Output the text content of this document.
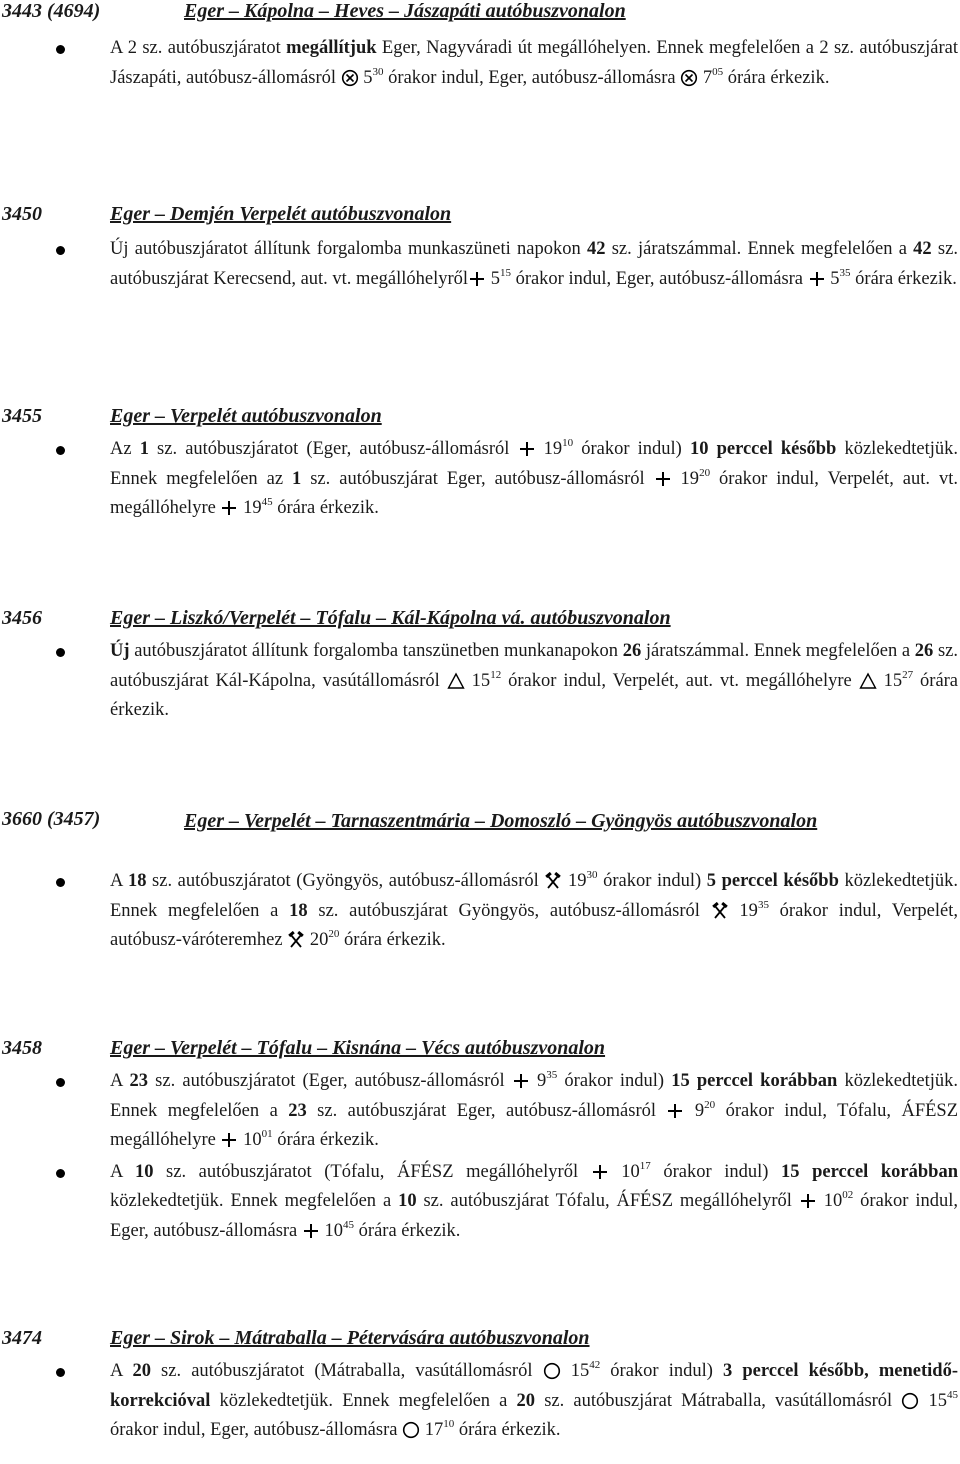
3443 (4694)	Eger – Kápolna – Heves – Jászapáti autóbuszvonalon
A 2 sz. autóbuszjáratot megállítjuk Eger, Nagyváradi út megállóhelyen. Ennek megfelelően a 2 sz. autóbuszjárat Jászapáti, autóbusz-állomásról
$5^{30}$ órakor indul, Eger, autóbusz-állomásra
$7^{05}$ órára érkezik.
3450	Eger – Demjén Verpelét autóbuszvonalon
Új autóbuszjáratot állítunk forgalomba munkaszüneti napokon 42 sz. járatszámmal. Ennek megfelelően a 42 sz. autóbuszjárat Kerecsend, aut. vt. megállóhelyről
$5^{15}$ órakor indul, Eger, autóbusz-állomásra
$5^{35}$ órára érkezik.
3455	Eger – Verpelét autóbuszvonalon
Az 1 sz. autóbuszjáratot (Eger, autóbusz-állomásról
$19^{10}$ órakor indul) 10 perccel később közlekedtetjük. Ennek megfelelően az 1 sz. autóbuszjárat Eger, autóbusz-állomásról
$19^{20}$ órakor indul, Verpelét, aut. vt. megállóhelyre
$19^{45}$ órára érkezik.
3456	Eger – Liszkó/Verpelét – Tófalu – Kál-Kápolna vá. autóbuszvonalon
Új autóbuszjáratot állítunk forgalomba tanszünetben munkanapokon 26 járatszámmal. Ennek megfelelően a 26 sz. autóbuszjárat Kál-Kápolna, vasútállomásról
$15^{12}$ órakor indul, Verpelét, aut. vt. megállóhelyre
$15^{27}$ órára érkezik.
3660 (3457)	Eger – Verpelét – Tarnaszentmária – Domoszló – Gyöngyös autóbuszvonalon
A 18 sz. autóbuszjáratot (Gyöngyös, autóbusz-állomásról
$19^{30}$ órakor indul) 5 perccel később közlekedtetjük. Ennek megfelelően a 18 sz. autóbuszjárat Gyöngyös, autóbusz-állomásról
$19^{35}$ órakor indul, Verpelét, autóbusz-váróteremhez
$20^{20}$ órára érkezik.
3458	Eger – Verpelét – Tófalu – Kisnána – Vécs autóbuszvonalon
A 23 sz. autóbuszjáratot (Eger, autóbusz-állomásról
$9^{35}$ órakor indul) 15 perccel korábban közlekedtetjük. Ennek megfelelően a 23 sz. autóbuszjárat Eger, autóbusz-állomásról
$9^{20}$ órakor indul, Tófalu, ÁFÉSZ megállóhelyre
$10^{01}$ órára érkezik.
A 10 sz. autóbuszjáratot (Tófalu, ÁFÉSZ megállóhelyről
$10^{17}$ órakor indul) 15 perccel korábban közlekedtetjük. Ennek megfelelően a 10 sz. autóbuszjárat Tófalu, ÁFÉSZ megállóhelyről
$10^{02}$ órakor indul, Eger, autóbusz-állomásra
$10^{45}$ órára érkezik.
3474	Eger – Sirok – Mátraballa – Pétervására autóbuszvonalon
A 20 sz. autóbuszjáratot (Mátraballa, vasútállomásról
$15^{42}$ órakor indul) 3 perccel később, menetidő-korrekcióval közlekedtetjük. Ennek megfelelően a 20 sz. autóbuszjárat Mátraballa, vasútállomásról
$15^{45}$ órakor indul, Eger, autóbusz-állomásra
$17^{10}$ órára érkezik.
